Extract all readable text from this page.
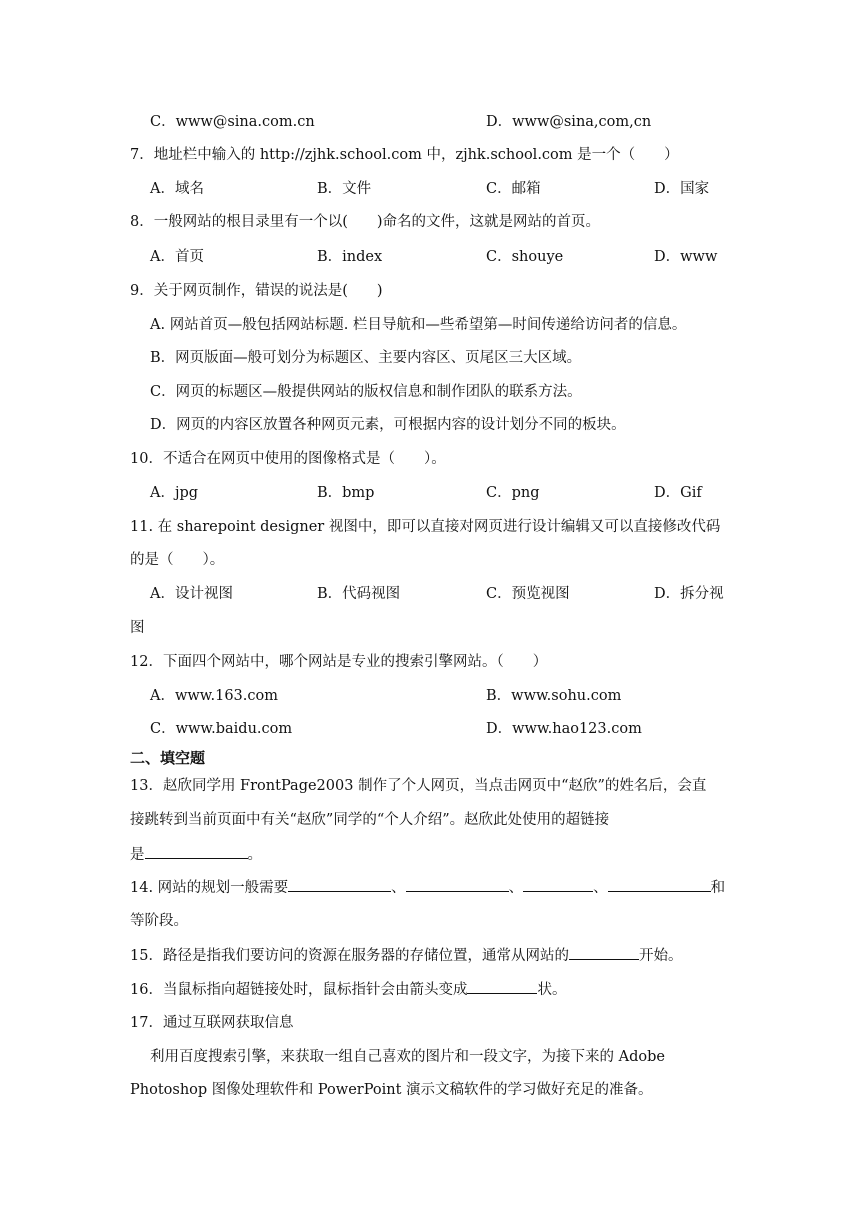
C．www@sina.com.cn	D．www@sina,com,cn
7．地址栏中输入的 http://zjhk.school.com 中，zjhk.school.com 是一个（　　）
A．域名	B．文件	C．邮箱	D．国家
8．一般网站的根目录里有一个以(　　)命名的文件，这就是网站的首页。
A．首页	B．index	C．shouye	D．www
9．关于网页制作，错误的说法是(　　)
A. 网站首页—般包括网站标题. 栏目导航和—些希望第—时间传递给访问者的信息。
B．网页版面—般可划分为标题区、主要内容区、页尾区三大区域。
C．网页的标题区—般提供网站的版权信息和制作团队的联系方法。
D．网页的内容区放置各种网页元素，可根据内容的设计划分不同的板块。
10．不适合在网页中使用的图像格式是（　　）。
A．jpg	B．bmp	C．png	D．Gif
11. 在 sharepoint designer 视图中，即可以直接对网页进行设计编辑又可以直接修改代码
的是（　　）。
A．设计视图	B．代码视图	C．预览视图	D．拆分视
图
12．下面四个网站中，哪个网站是专业的搜索引擎网站。（　　）
A．www.163.com	B．www.sohu.com
C．www.baidu.com	D．www.hao123.com
二、填空题
13．赵欣同学用 FrontPage2003 制作了个人网页，当点击网页中“赵欣”的姓名后，会直
接跳转到当前页面中有关“赵欣”同学的“个人介绍”。赵欣此处使用的超链接
是	。
14. 网站的规划一般需要	、	、	、	和
等阶段。
15．路径是指我们要访问的资源在服务器的存储位置，通常从网站的	开始。
16．当鼠标指向超链接处时，鼠标指针会由箭头变成	状。
17．通过互联网获取信息
利用百度搜索引擎，来获取一组自己喜欢的图片和一段文字，为接下来的 Adobe
Photoshop 图像处理软件和 PowerPoint 演示文稿软件的学习做好充足的准备。
